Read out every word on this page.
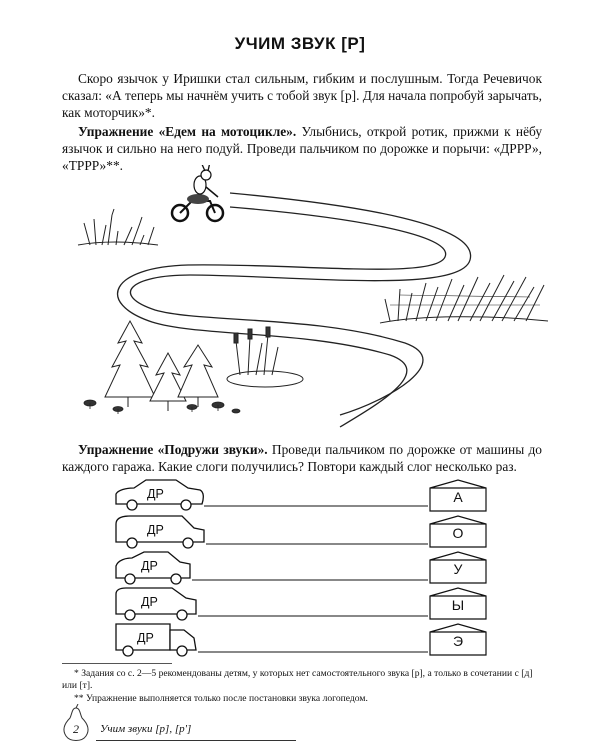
УЧИМ ЗВУК [Р]

Скоро язычок у Иришки стал сильным, гибким и послушным. Тогда Речевичок сказал: «А теперь мы начнём учить с тобой звук [р]. Для начала попробуй зарычать, как моторчик»*.

Упражнение «Едем на мотоцикле». Улыбнись, открой ротик, прижми к нёбу язычок и сильно на него подуй. Проведи пальчиком по дорожке и порычи: «ДРРР», «ТРРР»**.

Упражнение «Подружи звуки». Проведи пальчиком по дорожке от машины до каждого гаража. Какие слоги получились? Повтори каждый слог несколько раз.

ДР	А
ДР	О
ДР	У
ДР	Ы
ДР	Э

* Задания со с. 2—5 рекомендованы детям, у которых нет самостоятельного звука [р], а только в сочетании с [д] или [т].

** Упражнение выполняется только после постановки звука логопедом.

2	Учим звуки [р], [р']
